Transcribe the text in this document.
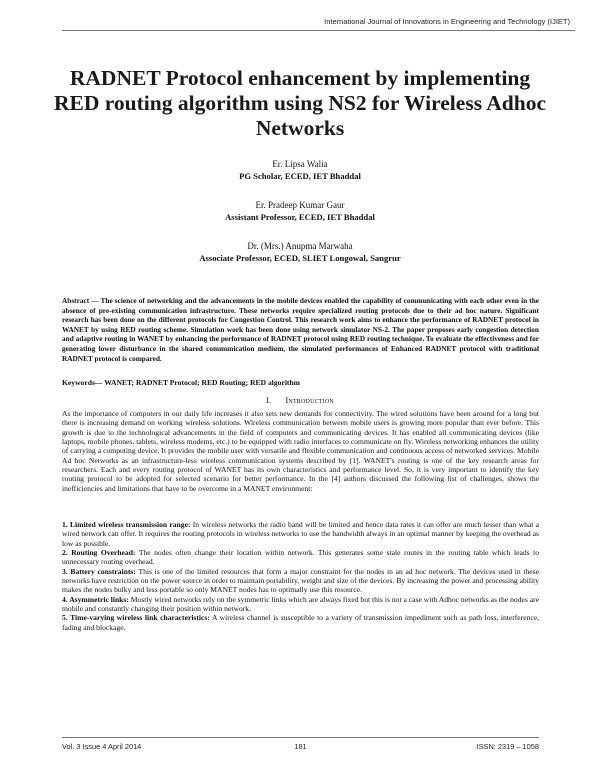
International Journal of Innovations in Engineering and Technology (IJIET)
RADNET Protocol enhancement by implementing RED routing algorithm using NS2 for Wireless Adhoc Networks
Er. Lipsa Walia
PG Scholar, ECED, IET Bhaddal
Er. Pradeep Kumar Gaur
Assistant Professor, ECED, IET Bhaddal
Dr. (Mrs.) Anupma Marwaha
Associate Professor, ECED, SLIET Longowal, Sangrur
Abstract — The science of networking and the advancements in the mobile devices enabled the capability of communicating with each other even in the absence of pre-existing communication infrastructure. These networks require specialized routing protocols due to their ad hoc nature. Significant research has been done on the different protocols for Congestion Control. This research work aims to enhance the performance of RADNET protocol in WANET by using RED routing scheme. Simulation work has been done using network simulator NS-2. The paper proposes early congestion detection and adaptive routing in WANET by enhancing the performance of RADNET protocol using RED routing technique. To evaluate the effectiveness and for generating lower disturbance in the shared communication medium, the simulated performances of Enhanced RADNET protocol with traditional RADNET protocol is compared.
Keywords— WANET; RADNET Protocol; RED Routing; RED algorithm
I. Introduction
As the importance of computers in our daily life increases it also sets new demands for connectivity. The wired solutions have been around for a long but there is increasing demand on working wireless solutions. Wireless communication between mobile users is growing more popular than ever before. This growth is due to the technological advancements in the field of computers and communicating devices. It has enabled all communicating devices (like laptops, mobile phones, tablets, wireless modems, etc.) to be equipped with radio interfaces to communicate on fly. Wireless networking enhances the utility of carrying a computing device. It provides the mobile user with versatile and flexible communication and continuous access of networked services. Mobile Ad hoc Networks as an infrastructure-less wireless communication systems described by [1]. WANET's routing is one of the key research areas for researchers. Each and every routing protocol of WANET has its own characteristics and performance level. So, it is very important to identify the key routing protocol to be adopted for selected scenario for better performance. In the [4] authors discussed the following list of challenges, shows the inefficiencies and limitations that have to be overcome in a MANET environment:

1. Limited wireless transmission range: In wireless networks the radio band will be limited and hence data rates it can offer are much lesser than what a wired network can offer. It requires the routing protocols in wireless networks to use the bandwidth always in an optimal manner by keeping the overhead as low as possible.

2. Routing Overhead: The nodes often change their location within network. This generates some stale routes in the routing table which leads to unnecessary routing overhead.

3. Battery constraints: This is one of the limited resources that form a major constraint for the nodes in an ad hoc network. The devices used in these networks have restriction on the power source in order to maintain portability, weight and size of the devices. By increasing the power and processing ability makes the nodes bulky and less portable so only MANET nodes has to optimally use this resource.

4. Asymmetric links: Mostly wired networks rely on the symmetric links which are always fixed but this is not a case with Adhoc networks as the nodes are mobile and constantly changing their position within network.

5. Time-varying wireless link characteristics: A wireless channel is susceptible to a variety of transmission impediment such as path loss, interference, fading and blockage.

Vol. 3 Issue 4 April 2014	181	ISSN: 2319 – 1058
